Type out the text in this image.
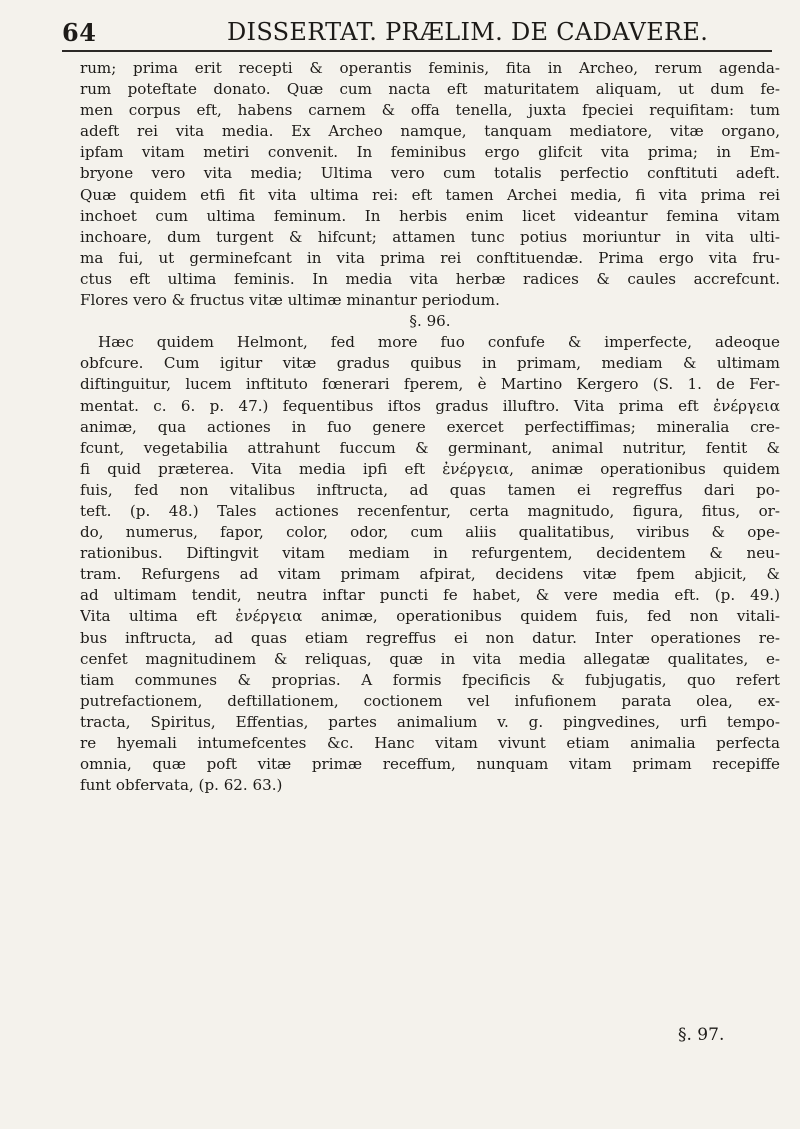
64	DISSERTAT. PRÆLIM. DE CADAVERE.
rum; prima erit recepti & operantis feminis, fita in Archeo, rerum agenda-
rum poteftate donato. Quæ cum nacta eft maturitatem aliquam, ut dum fe-
men corpus eft, habens carnem & offa tenella, juxta fpeciei requifitam: tum
adeft rei vita media. Ex Archeo namque, tanquam mediatore, vitæ organo,
ipfam vitam metiri convenit. In feminibus ergo glifcit vita prima; in Em-
bryone vero vita media; Ultima vero cum totalis perfectio conftituti adeft.
Quæ quidem etfi fit vita ultima rei: eft tamen Archei media, fi vita prima rei
inchoet cum ultima feminum. In herbis enim licet videantur femina vitam
inchoare, dum turgent & hifcunt; attamen tunc potius moriuntur in vita ulti-
ma fui, ut germinefcant in vita prima rei conftituendæ. Prima ergo vita fru-
ctus eft ultima feminis. In media vita herbæ radices & caules accrefcunt.
Flores vero & fructus vitæ ultimæ minantur periodum.
§. 96.
Hæc quidem Helmont, fed more fuo confufe & imperfecte, adeoque
obfcure. Cum igitur vitæ gradus quibus in primam, mediam & ultimam
diftinguitur, lucem inftituto fœnerari fperem, è Martino Kergero (S. 1. de Fer-
mentat. c. 6. p. 47.) fequentibus iftos gradus illuftro. Vita prima eft ἐνέργεια
animæ, qua actiones in fuo genere exercet perfectiffimas; mineralia cre-
fcunt, vegetabilia attrahunt fuccum & germinant, animal nutritur, fentit &
fi quid præterea. Vita media ipfi eft ἐνέργεια, animæ operationibus quidem
fuis, fed non vitalibus inftructa, ad quas tamen ei regreffus dari po-
teft. (p. 48.) Tales actiones recenfentur, certa magnitudo, figura, fitus, or-
do, numerus, fapor, color, odor, cum aliis qualitatibus, viribus & ope-
rationibus. Diftingvit vitam mediam in refurgentem, decidentem & neu-
tram. Refurgens ad vitam primam afpirat, decidens vitæ fpem abjicit, &
ad ultimam tendit, neutra inftar puncti fe habet, & vere media eft. (p. 49.)
Vita ultima eft ἐνέργεια animæ, operationibus quidem fuis, fed non vitali-
bus inftructa, ad quas etiam regreffus ei non datur. Inter operationes re-
cenfet magnitudinem & reliquas, quæ in vita media allegatæ qualitates, e-
tiam communes & proprias. A formis fpecificis & fubjugatis, quo refert
putrefactionem, deftillationem, coctionem vel infufionem parata olea, ex-
tracta, Spiritus, Effentias, partes animalium v. g. pingvedines, urfi tempo-
re hyemali intumefcentes &c. Hanc vitam vivunt etiam animalia perfecta
omnia, quæ poft vitæ primæ receffum, nunquam vitam primam recepiffe
funt obfervata, (p. 62. 63.)
§. 97.
